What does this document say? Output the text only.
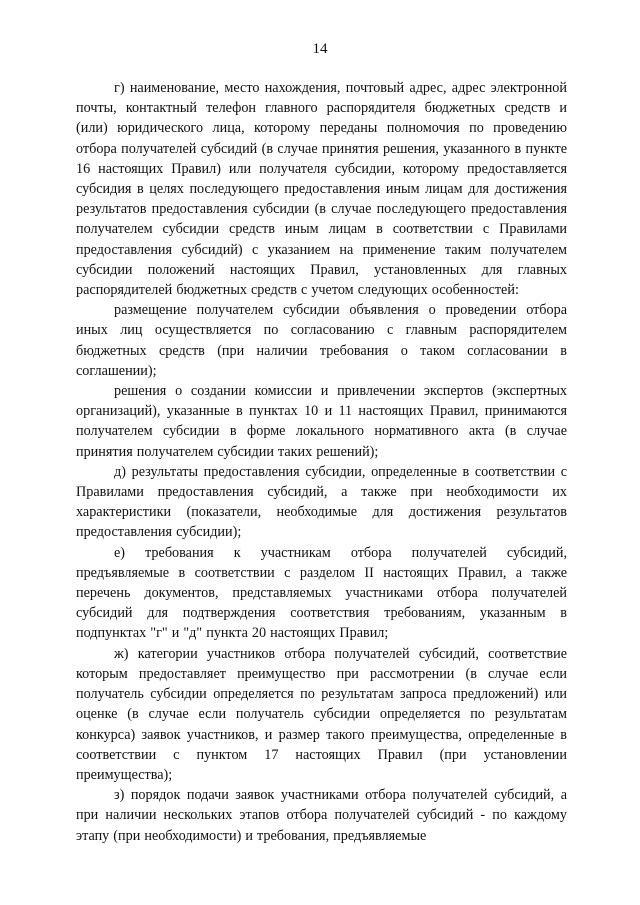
14

г) наименование, место нахождения, почтовый адрес, адрес электронной почты, контактный телефон главного распорядителя бюджетных средств и (или) юридического лица, которому переданы полномочия по проведению отбора получателей субсидий (в случае принятия решения, указанного в пункте 16 настоящих Правил) или получателя субсидии, которому предоставляется субсидия в целях последующего предоставления иным лицам для достижения результатов предоставления субсидии (в случае последующего предоставления получателем субсидии средств иным лицам в соответствии с Правилами предоставления субсидий) с указанием на применение таким получателем субсидии положений настоящих Правил, установленных для главных распорядителей бюджетных средств с учетом следующих особенностей:

размещение получателем субсидии объявления о проведении отбора иных лиц осуществляется по согласованию с главным распорядителем бюджетных средств (при наличии требования о таком согласовании в соглашении);

решения о создании комиссии и привлечении экспертов (экспертных организаций), указанные в пунктах 10 и 11 настоящих Правил, принимаются получателем субсидии в форме локального нормативного акта (в случае принятия получателем субсидии таких решений);

д) результаты предоставления субсидии, определенные в соответствии с Правилами предоставления субсидий, а также при необходимости их характеристики (показатели, необходимые для достижения результатов предоставления субсидии);

е) требования к участникам отбора получателей субсидий, предъявляемые в соответствии с разделом II настоящих Правил, а также перечень документов, представляемых участниками отбора получателей субсидий для подтверждения соответствия требованиям, указанным в подпунктах "г" и "д" пункта 20 настоящих Правил;

ж) категории участников отбора получателей субсидий, соответствие которым предоставляет преимущество при рассмотрении (в случае если получатель субсидии определяется по результатам запроса предложений) или оценке (в случае если получатель субсидии определяется по результатам конкурса) заявок участников, и размер такого преимущества, определенные в соответствии с пунктом 17 настоящих Правил (при установлении преимущества);

з) порядок подачи заявок участниками отбора получателей субсидий, а при наличии нескольких этапов отбора получателей субсидий - по каждому этапу (при необходимости) и требования, предъявляемые
